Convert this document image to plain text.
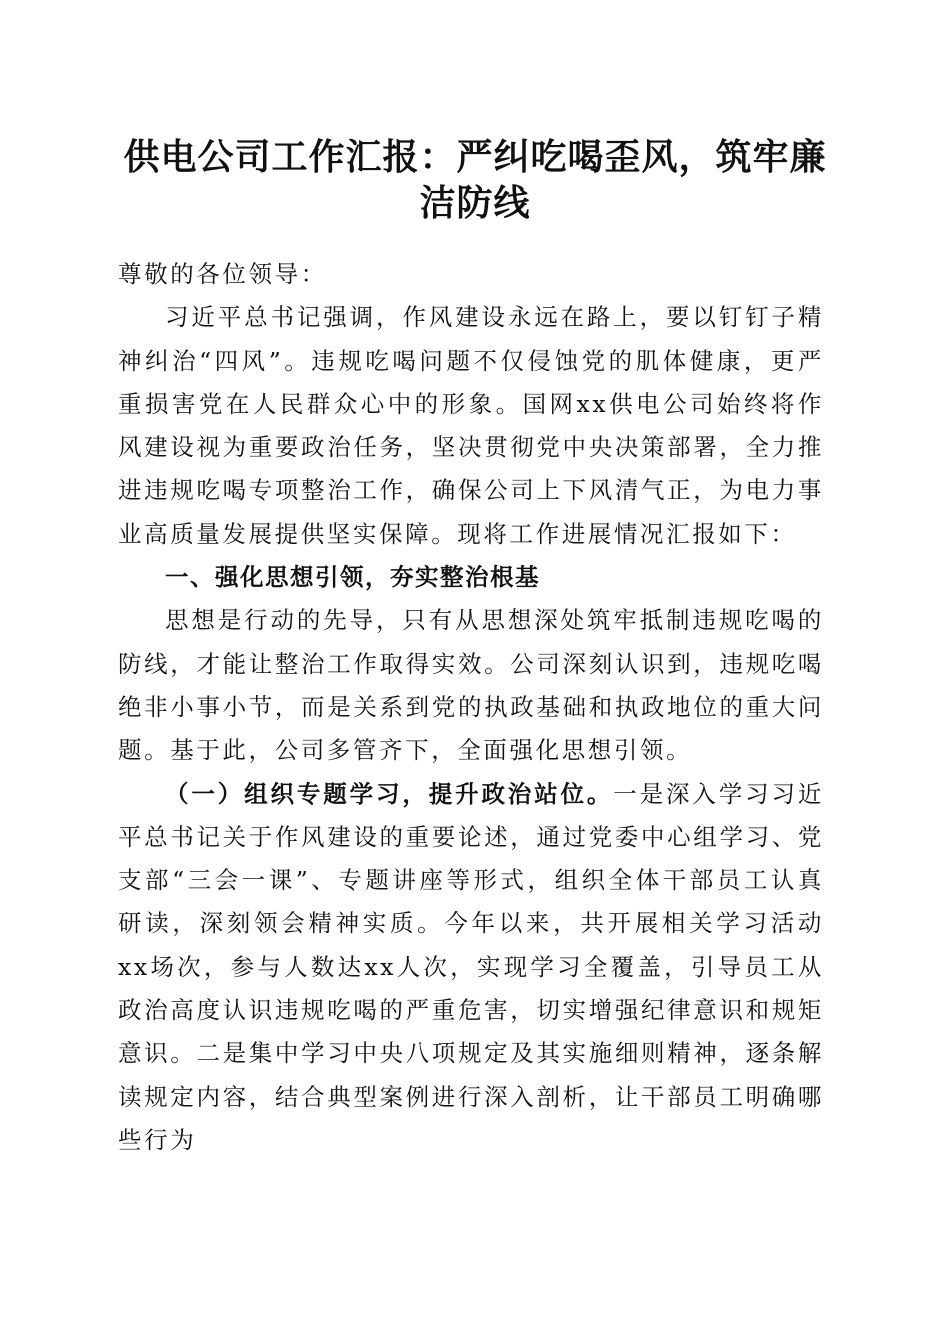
供电公司工作汇报：严纠吃喝歪风，筑牢廉洁防线

尊敬的各位领导：

习近平总书记强调，作风建设永远在路上，要以钉钉子精神纠治“四风”。违规吃喝问题不仅侵蚀党的肌体健康，更严重损害党在人民群众心中的形象。国网xx供电公司始终将作风建设视为重要政治任务，坚决贯彻党中央决策部署，全力推进违规吃喝专项整治工作，确保公司上下风清气正，为电力事业高质量发展提供坚实保障。现将工作进展情况汇报如下：

一、强化思想引领，夯实整治根基

思想是行动的先导，只有从思想深处筑牢抵制违规吃喝的防线，才能让整治工作取得实效。公司深刻认识到，违规吃喝绝非小事小节，而是关系到党的执政基础和执政地位的重大问题。基于此，公司多管齐下，全面强化思想引领。

（一）组织专题学习，提升政治站位。一是深入学习习近平总书记关于作风建设的重要论述，通过党委中心组学习、党支部“三会一课”、专题讲座等形式，组织全体干部员工认真研读，深刻领会精神实质。今年以来，共开展相关学习活动xx场次，参与人数达xx人次，实现学习全覆盖，引导员工从政治高度认识违规吃喝的严重危害，切实增强纪律意识和规矩意识。二是集中学习中央八项规定及其实施细则精神，逐条解读规定内容，结合典型案例进行深入剖析，让干部员工明确哪些行为
